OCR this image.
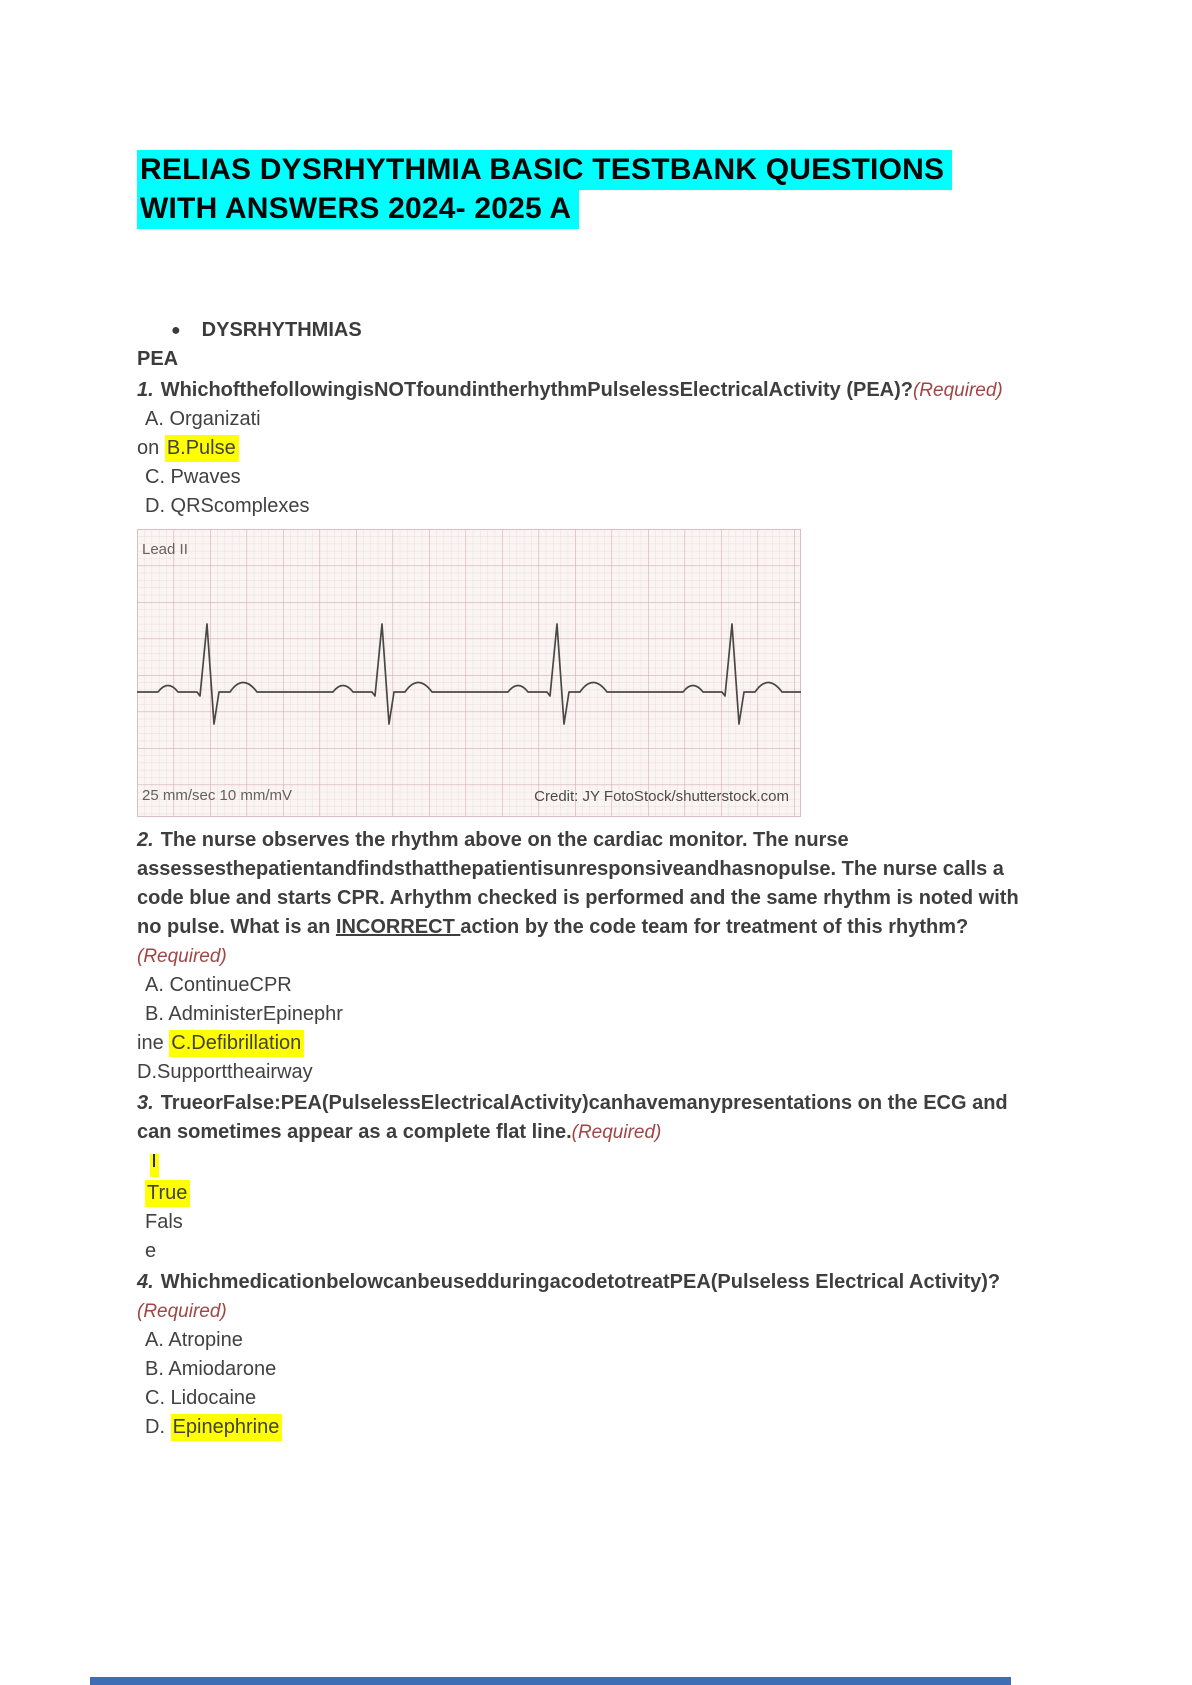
RELIAS DYSRHYTHMIA BASIC TESTBANK QUESTIONS WITH ANSWERS 2024- 2025 A
● DYSRHYTHMIAS
PEA

1. WhichofthefollowingisNOTfoundintherhythmPulselessElectricalActivity (PEA)?(Required)

A. Organizati

on B.Pulse

C. Pwaves

D. QRScomplexes

Lead II
25 mm/sec 10 mm/mV	Credit: JY FotoStock/shutterstock.com

2. The nurse observes the rhythm above on the cardiac monitor. The nurse assessesthepatientandfindsthatthepatientisunresponsiveandhasnopulse. The nurse calls a code blue and starts CPR. Arhythm checked is performed and the same rhythm is noted with no pulse. What is an INCORRECT action by the code team for treatment of this rhythm?(Required)

A. ContinueCPR

B. AdministerEpinephr

ine C.Defibrillation

D.Supporttheairway

3. TrueorFalse:PEA(PulselessElectricalActivity)canhavemanypresentations on the ECG and can sometimes appear as a complete flat line.(Required)

True

Fals

e

4. WhichmedicationbelowcanbeusedduringacodetotreatPEA(Pulseless Electrical Activity)?(Required)

A. Atropine

B. Amiodarone

C. Lidocaine

D. Epinephrine
